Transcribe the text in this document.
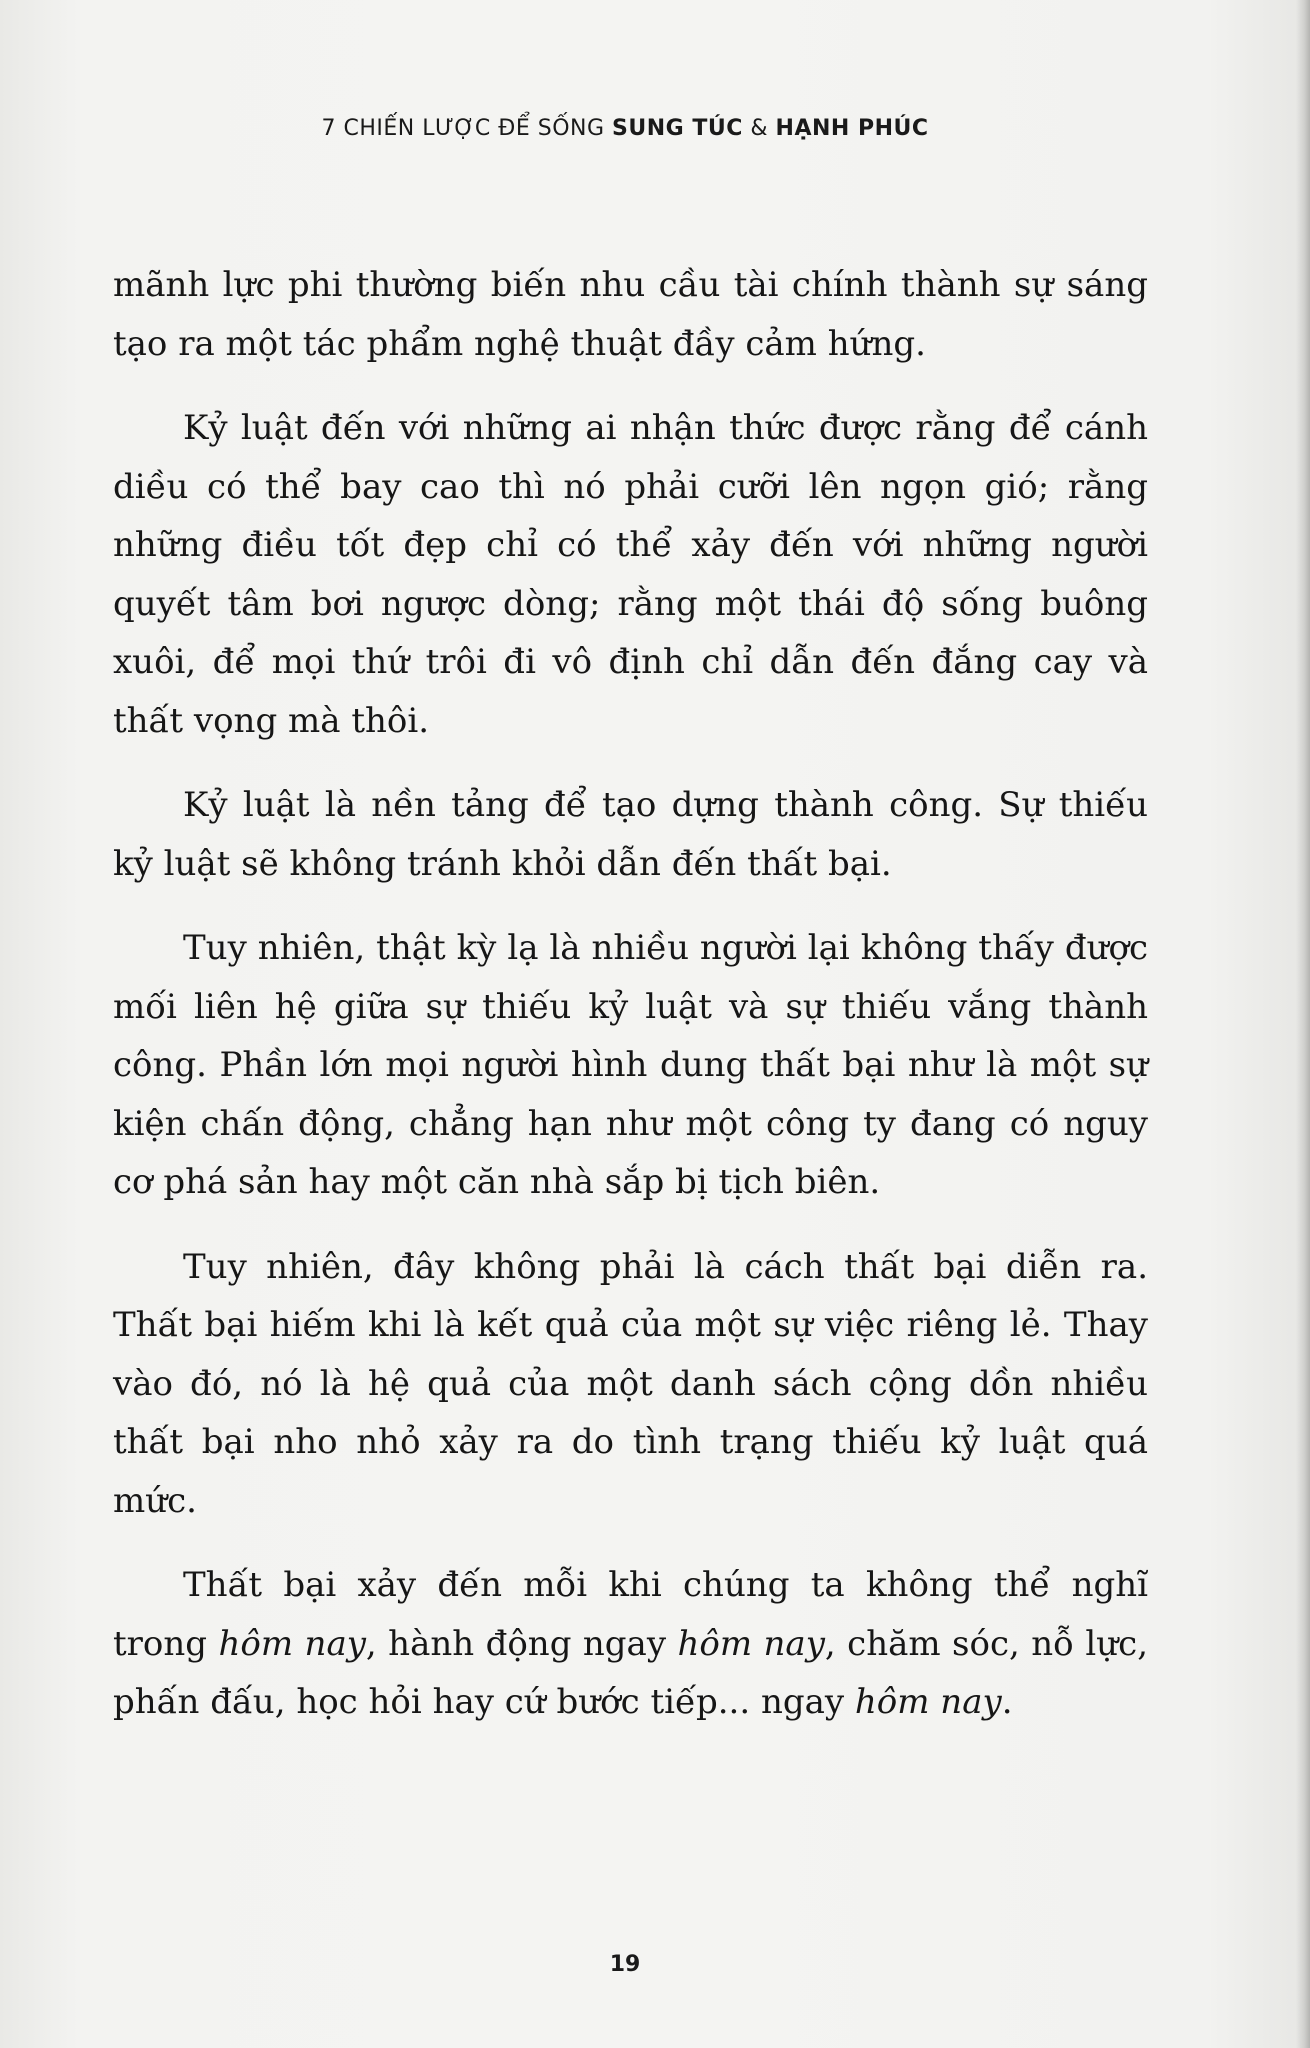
7 CHIẾN LƯỢC ĐỂ SỐNG SUNG TÚC & HẠNH PHÚC

mãnh lực phi thường biến nhu cầu tài chính thành sự sáng tạo ra một tác phẩm nghệ thuật đầy cảm hứng.

Kỷ luật đến với những ai nhận thức được rằng để cánh diều có thể bay cao thì nó phải cưỡi lên ngọn gió; rằng những điều tốt đẹp chỉ có thể xảy đến với những người quyết tâm bơi ngược dòng; rằng một thái độ sống buông xuôi, để mọi thứ trôi đi vô định chỉ dẫn đến đắng cay và thất vọng mà thôi.

Kỷ luật là nền tảng để tạo dựng thành công. Sự thiếu kỷ luật sẽ không tránh khỏi dẫn đến thất bại.

Tuy nhiên, thật kỳ lạ là nhiều người lại không thấy được mối liên hệ giữa sự thiếu kỷ luật và sự thiếu vắng thành công. Phần lớn mọi người hình dung thất bại như là một sự kiện chấn động, chẳng hạn như một công ty đang có nguy cơ phá sản hay một căn nhà sắp bị tịch biên.

Tuy nhiên, đây không phải là cách thất bại diễn ra. Thất bại hiếm khi là kết quả của một sự việc riêng lẻ. Thay vào đó, nó là hệ quả của một danh sách cộng dồn nhiều thất bại nho nhỏ xảy ra do tình trạng thiếu kỷ luật quá mức.

Thất bại xảy đến mỗi khi chúng ta không thể nghĩ trong hôm nay, hành động ngay hôm nay, chăm sóc, nỗ lực, phấn đấu, học hỏi hay cứ bước tiếp... ngay hôm nay.

19
